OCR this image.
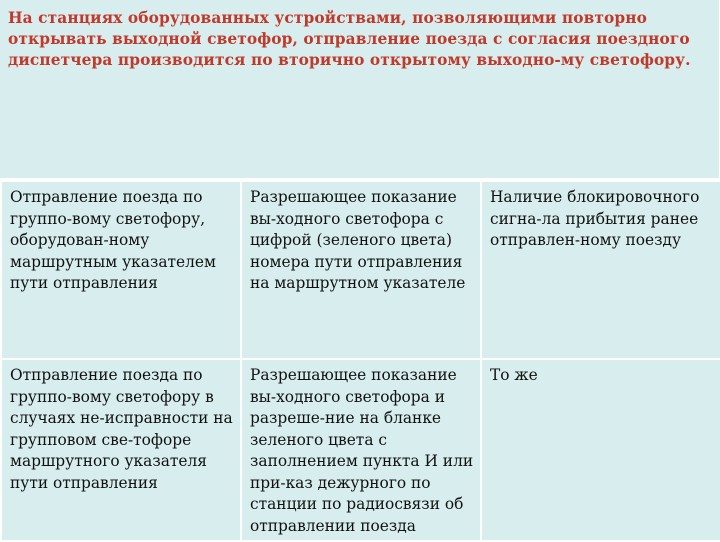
На станциях оборудованных устройствами, позволяющими повторно открывать выходной светофор, отправление поезда с согласия поездного диспетчера производится по вторично открытому выходно-му светофору.
Отправление поезда по группо-вому светофору, оборудован-ному маршрутным указателем пути отправления	Разрешающее показание вы-ходного светофора с цифрой (зеленого цвета) номера пути отправления на маршрутном указателе	Наличие блокировочного сигна-ла прибытия ранее отправлен-ному поезду
Отправление поезда по группо-вому светофору в случаях не-исправности на групповом све-тофоре маршрутного указателя пути отправления	Разрешающее показание вы-ходного светофора и разреше-ние на бланке зеленого цвета с заполнением пункта И или при-каз дежурного по станции по радиосвязи об отправлении поезда	То же
